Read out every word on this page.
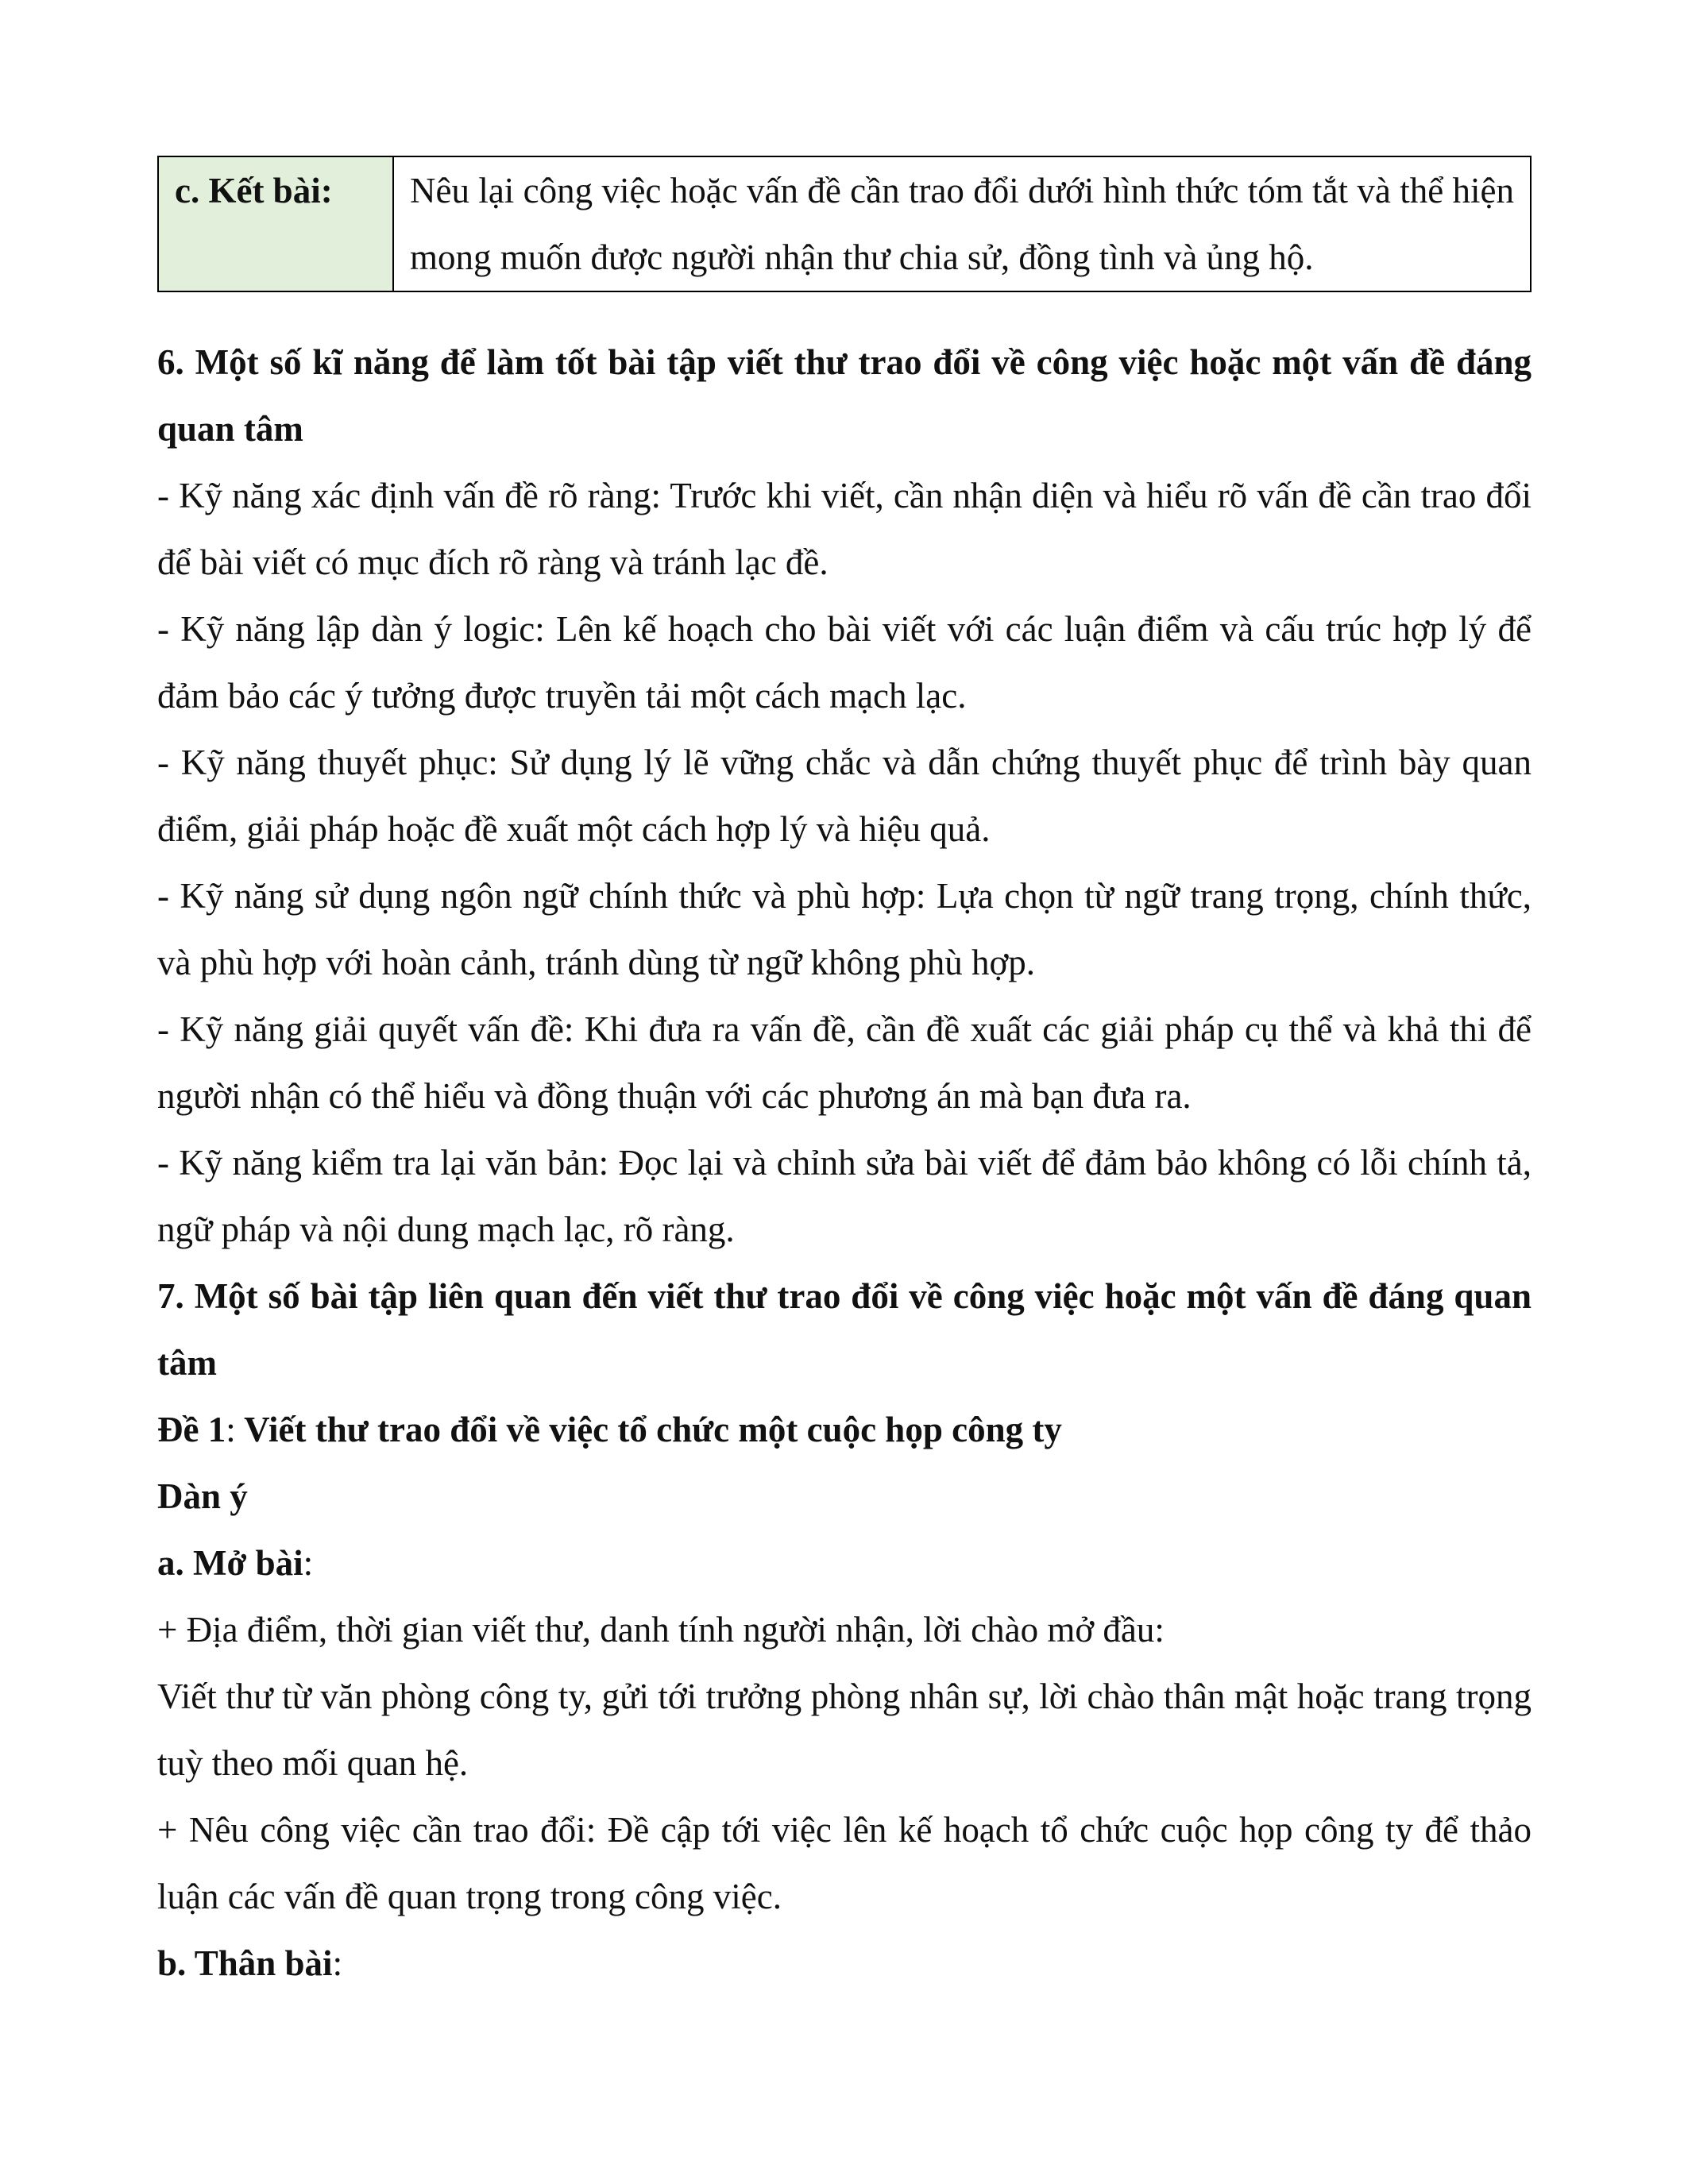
c. Kết bài:	Nêu lại công việc hoặc vấn đề cần trao đổi dưới hình thức tóm tắt và thể hiện mong muốn được người nhận thư chia sử, đồng tình và ủng hộ.

6. Một số kĩ năng để làm tốt bài tập viết thư trao đổi về công việc hoặc một vấn đề đáng quan tâm

- Kỹ năng xác định vấn đề rõ ràng: Trước khi viết, cần nhận diện và hiểu rõ vấn đề cần trao đổi để bài viết có mục đích rõ ràng và tránh lạc đề.

- Kỹ năng lập dàn ý logic: Lên kế hoạch cho bài viết với các luận điểm và cấu trúc hợp lý để đảm bảo các ý tưởng được truyền tải một cách mạch lạc.

- Kỹ năng thuyết phục: Sử dụng lý lẽ vững chắc và dẫn chứng thuyết phục để trình bày quan điểm, giải pháp hoặc đề xuất một cách hợp lý và hiệu quả.

- Kỹ năng sử dụng ngôn ngữ chính thức và phù hợp: Lựa chọn từ ngữ trang trọng, chính thức, và phù hợp với hoàn cảnh, tránh dùng từ ngữ không phù hợp.

- Kỹ năng giải quyết vấn đề: Khi đưa ra vấn đề, cần đề xuất các giải pháp cụ thể và khả thi để người nhận có thể hiểu và đồng thuận với các phương án mà bạn đưa ra.

- Kỹ năng kiểm tra lại văn bản: Đọc lại và chỉnh sửa bài viết để đảm bảo không có lỗi chính tả, ngữ pháp và nội dung mạch lạc, rõ ràng.

7. Một số bài tập liên quan đến viết thư trao đổi về công việc hoặc một vấn đề đáng quan tâm

Đề 1: Viết thư trao đổi về việc tổ chức một cuộc họp công ty

Dàn ý

a. Mở bài:

+ Địa điểm, thời gian viết thư, danh tính người nhận, lời chào mở đầu:

Viết thư từ văn phòng công ty, gửi tới trưởng phòng nhân sự, lời chào thân mật hoặc trang trọng tuỳ theo mối quan hệ.

+ Nêu công việc cần trao đổi: Đề cập tới việc lên kế hoạch tổ chức cuộc họp công ty để thảo luận các vấn đề quan trọng trong công việc.

b. Thân bài:
